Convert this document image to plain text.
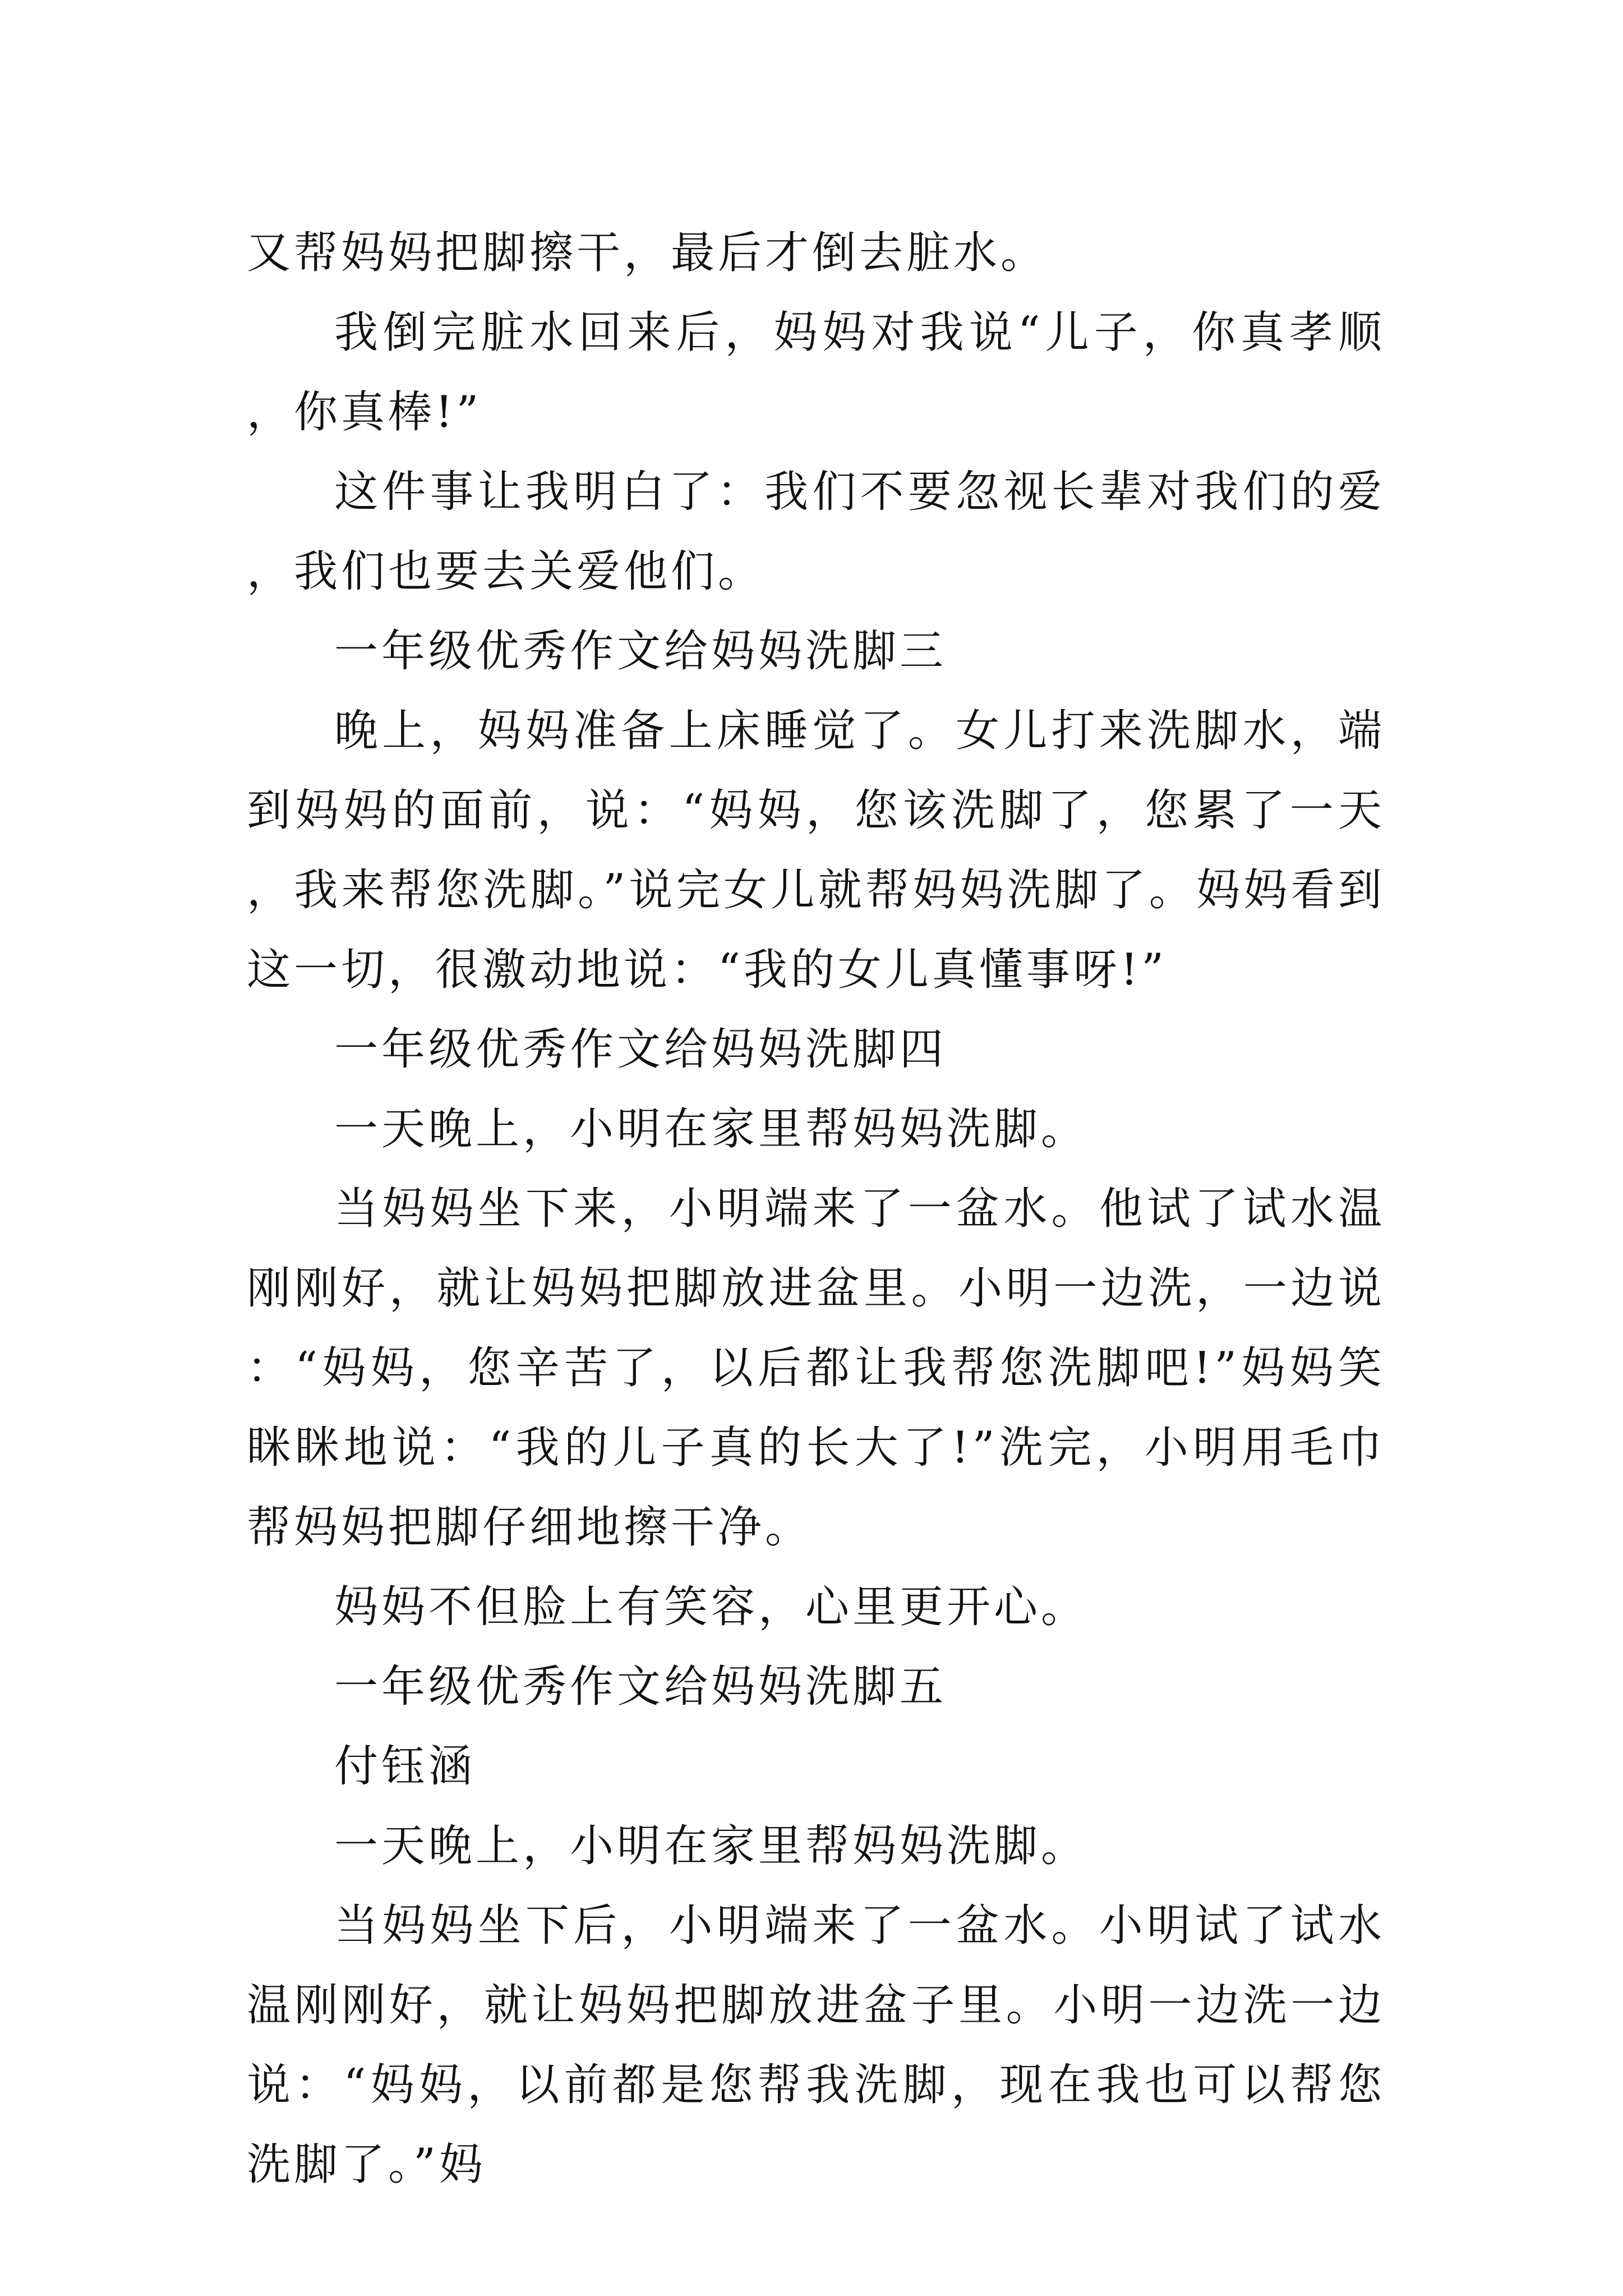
又帮妈妈把脚擦干，最后才倒去脏水。

我倒完脏水回来后，妈妈对我说“儿子，你真孝顺，你真棒!”

这件事让我明白了：我们不要忽视长辈对我们的爱，我们也要去关爱他们。

一年级优秀作文给妈妈洗脚三

晚上，妈妈准备上床睡觉了。女儿打来洗脚水，端到妈妈的面前，说：“妈妈，您该洗脚了，您累了一天，我来帮您洗脚。”说完女儿就帮妈妈洗脚了。妈妈看到这一切，很激动地说：“我的女儿真懂事呀!”

一年级优秀作文给妈妈洗脚四

一天晚上，小明在家里帮妈妈洗脚。

当妈妈坐下来，小明端来了一盆水。他试了试水温刚刚好，就让妈妈把脚放进盆里。小明一边洗，一边说：“妈妈，您辛苦了，以后都让我帮您洗脚吧!”妈妈笑眯眯地说：“我的儿子真的长大了!”洗完，小明用毛巾帮妈妈把脚仔细地擦干净。

妈妈不但脸上有笑容，心里更开心。

一年级优秀作文给妈妈洗脚五

付钰涵

一天晚上，小明在家里帮妈妈洗脚。

当妈妈坐下后，小明端来了一盆水。小明试了试水温刚刚好，就让妈妈把脚放进盆子里。小明一边洗一边说：“妈妈，以前都是您帮我洗脚，现在我也可以帮您洗脚了。”妈
